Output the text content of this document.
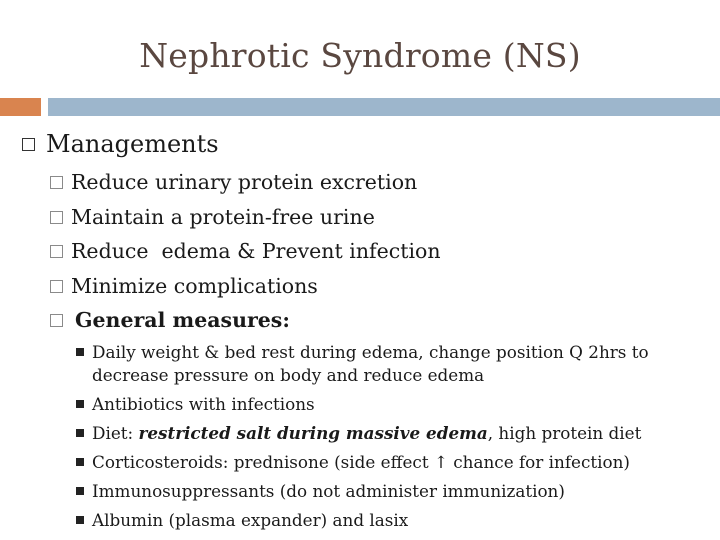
Nephrotic Syndrome (NS)
Managements
Reduce urinary protein excretion
Maintain a protein-free urine
Reduce  edema & Prevent infection
Minimize complications
General measures:
Daily weight & bed rest during edema, change position Q 2hrs to decrease pressure on body and reduce edema
Antibiotics with infections
Diet: restricted salt during massive edema, high protein diet
Corticosteroids: prednisone (side effect ↑ chance for infection)
Immunosuppressants (do not administer immunization)
Albumin (plasma expander) and lasix
